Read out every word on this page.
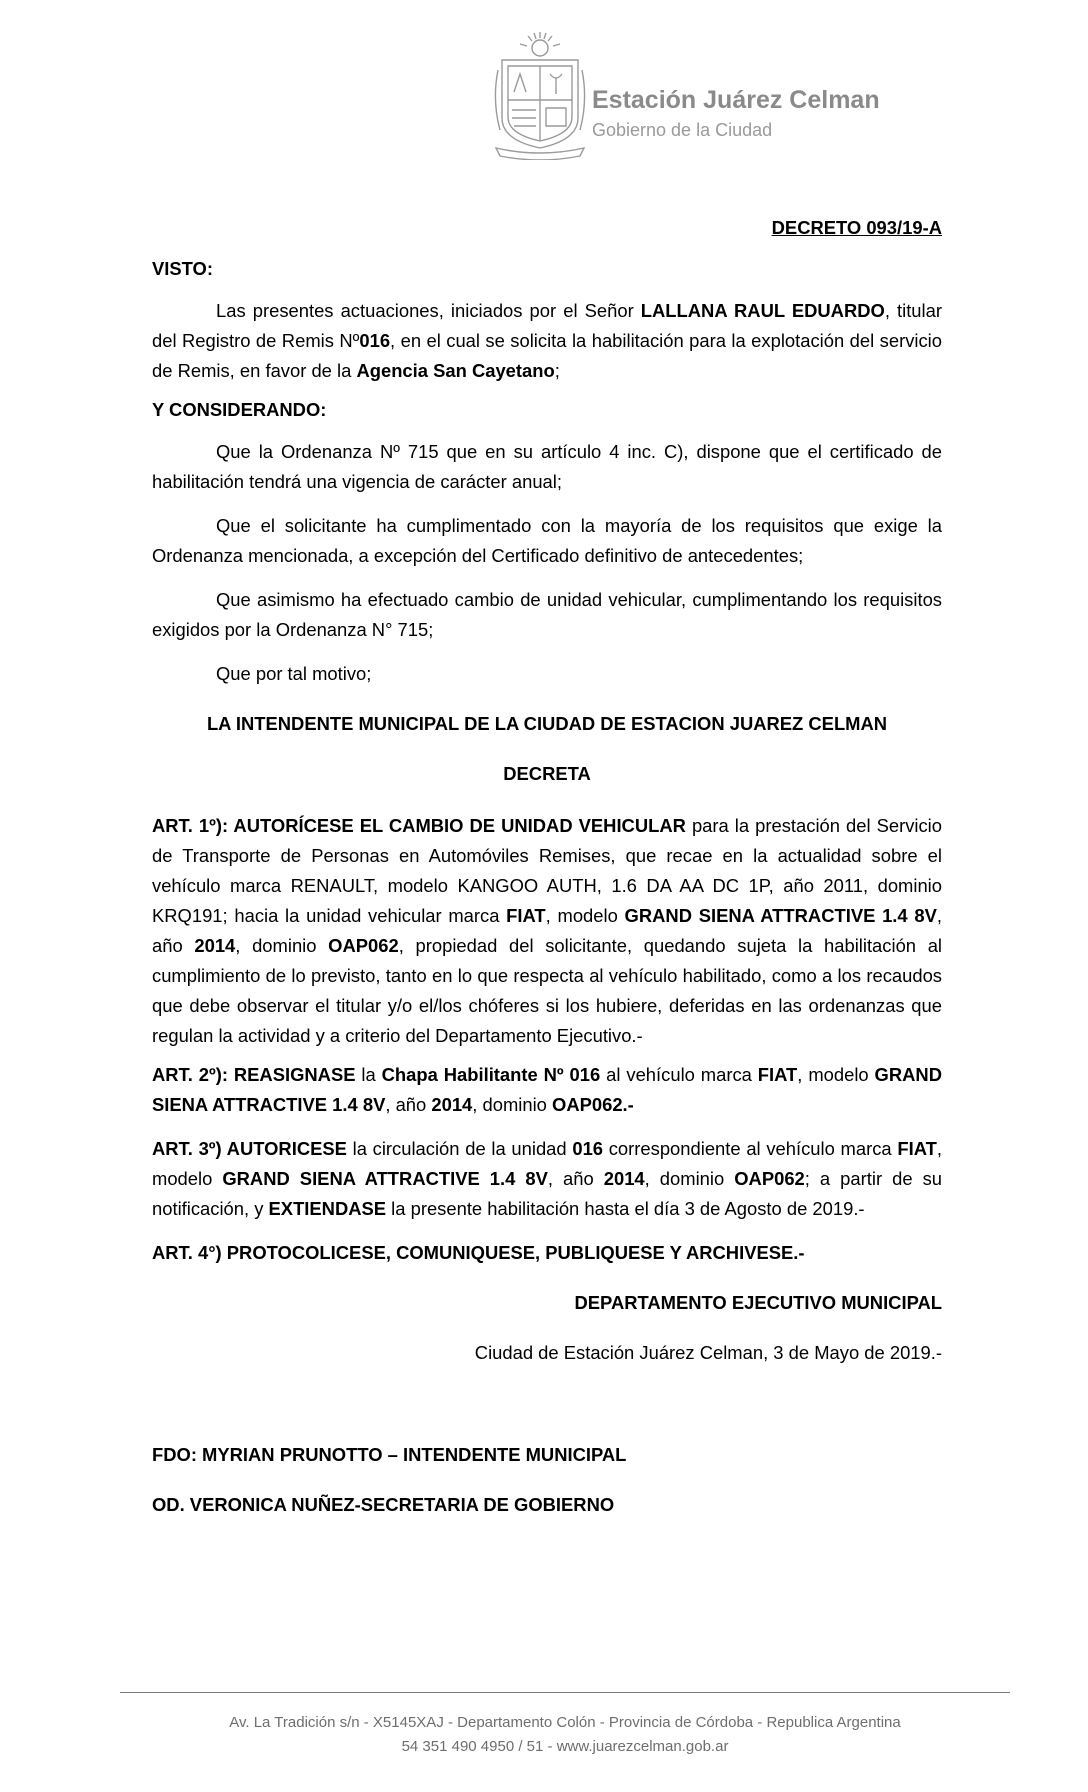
Estación Juárez Celman
Gobierno de la Ciudad

DECRETO 093/19-A

VISTO:

Las presentes actuaciones, iniciados por el Señor LALLANA RAUL EDUARDO, titular del Registro de Remis Nº016, en el cual se solicita la habilitación para la explotación del servicio de Remis, en favor de la Agencia San Cayetano;

Y CONSIDERANDO:

Que la Ordenanza Nº 715 que en su artículo 4 inc. C), dispone que el certificado de habilitación tendrá una vigencia de carácter anual;

Que el solicitante ha cumplimentado con la mayoría de los requisitos que exige la Ordenanza mencionada, a excepción del Certificado definitivo de antecedentes;

Que asimismo ha efectuado cambio de unidad vehicular, cumplimentando los requisitos exigidos por la Ordenanza N° 715;

Que por tal motivo;

LA INTENDENTE MUNICIPAL DE LA CIUDAD DE ESTACION JUAREZ CELMAN

DECRETA

ART. 1º): AUTORÍCESE EL CAMBIO DE UNIDAD VEHICULAR para la prestación del Servicio de Transporte de Personas en Automóviles Remises, que recae en la actualidad sobre el vehículo marca RENAULT, modelo KANGOO AUTH, 1.6 DA AA DC 1P, año 2011, dominio KRQ191; hacia la unidad vehicular marca FIAT, modelo GRAND SIENA ATTRACTIVE 1.4 8V, año 2014, dominio OAP062, propiedad del solicitante, quedando sujeta la habilitación al cumplimiento de lo previsto, tanto en lo que respecta al vehículo habilitado, como a los recaudos que debe observar el titular y/o el/los chóferes si los hubiere, deferidas en las ordenanzas que regulan la actividad y a criterio del Departamento Ejecutivo.-

ART. 2º): REASIGNASE la Chapa Habilitante Nº 016 al vehículo marca FIAT, modelo GRAND SIENA ATTRACTIVE 1.4 8V, año 2014, dominio OAP062.-

ART. 3º) AUTORICESE la circulación de la unidad 016 correspondiente al vehículo marca FIAT, modelo GRAND SIENA ATTRACTIVE 1.4 8V, año 2014, dominio OAP062; a partir de su notificación, y EXTIENDASE la presente habilitación hasta el día 3 de Agosto de 2019.-

ART. 4°) PROTOCOLICESE, COMUNIQUESE, PUBLIQUESE Y ARCHIVESE.-

DEPARTAMENTO EJECUTIVO MUNICIPAL

Ciudad de Estación Juárez Celman, 3 de Mayo de 2019.-

FDO: MYRIAN PRUNOTTO – INTENDENTE MUNICIPAL

OD. VERONICA NUÑEZ-SECRETARIA DE GOBIERNO

Av. La Tradición s/n - X5145XAJ - Departamento Colón - Provincia de Córdoba - Republica Argentina
54 351 490 4950 / 51 - www.juarezcelman.gob.ar
